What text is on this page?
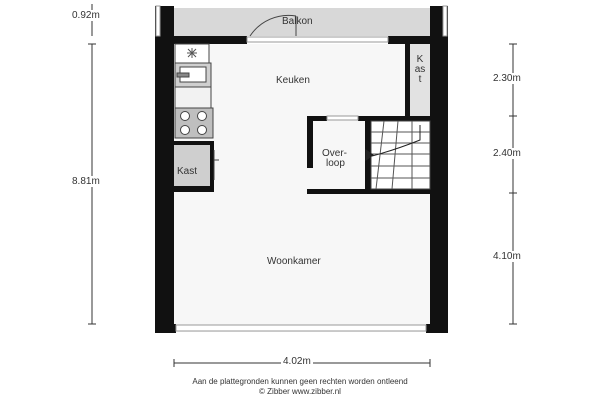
Balkon
Keuken
Kast
Kast
Over-
loop
Woonkamer
0.92m
8.81m
2.30m
2.40m
4.10m
4.02m
Aan de plattegronden kunnen geen rechten worden ontleend
© Zibber www.zibber.nl
